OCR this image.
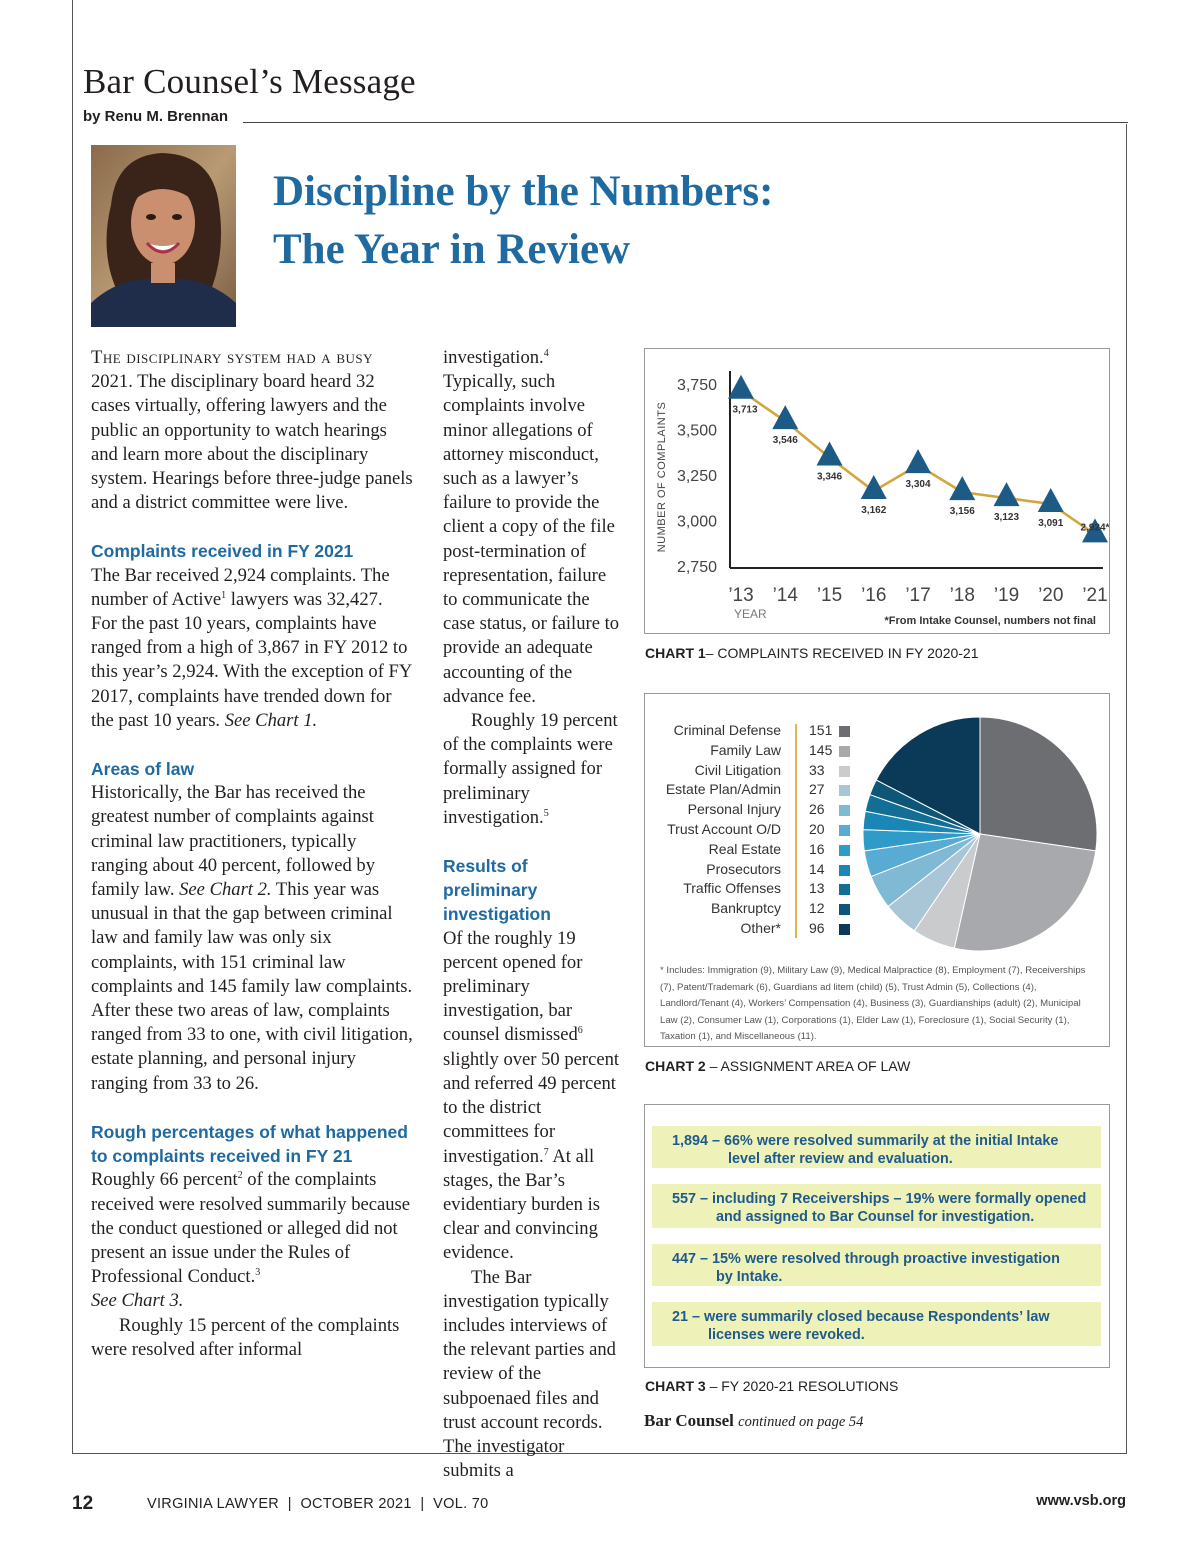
Bar Counsel’s Message
by Renu M. Brennan
Discipline by the Numbers:
The Year in Review

The disciplinary system had a busy 2021. The disciplinary board heard 32 cases virtually, offering lawyers and the public an opportunity to watch hearings and learn more about the disciplinary system. Hearings before three-judge panels and a district committee were live.

Complaints received in FY 2021

The Bar received 2,924 complaints. The number of Active$^1$ lawyers was 32,427. For the past 10 years, complaints have ranged from a high of 3,867 in FY 2012 to this year’s 2,924. With the exception of FY 2017, complaints have trended down for the past 10 years. See Chart 1.

Areas of law

Historically, the Bar has received the greatest number of complaints against criminal law practitioners, typically ranging about 40 percent, followed by family law. See Chart 2. This year was unusual in that the gap between criminal law and family law was only six complaints, with 151 criminal law complaints and 145 family law complaints. After these two areas of law, complaints ranged from 33 to one, with civil litigation, estate planning, and personal injury ranging from 33 to 26.

Rough percentages of what happened to complaints received in FY 21

Roughly 66 percent$^2$ of the complaints received were resolved summarily because the conduct questioned or alleged did not present an issue under the Rules of Professional Conduct.$^3$
See Chart 3.

Roughly 15 percent of the complaints were resolved after informal

investigation.$^4$ Typically, such complaints involve minor allegations of attorney misconduct, such as a lawyer’s failure to provide the client a copy of the file post-termination of representation, failure to communicate the case status, or failure to provide an adequate accounting of the advance fee.

Roughly 19 percent of the complaints were formally assigned for preliminary investigation.$^5$

Results of preliminary investigation

Of the roughly 19 percent opened for preliminary investigation, bar counsel dismissed$^6$ slightly over 50 percent and referred 49 percent to the district committees for investigation.$^7$ At all stages, the Bar’s evidentiary burden is clear and convincing evidence.

The Bar investigation typically includes interviews of the relevant parties and review of the subpoenaed files and trust account records. The investigator submits a

NUMBER OF COMPLAINTS
2,750
3,000
3,250
3,500
3,750
’13 ’14 ’15 ’16 ’17 ’18 ’19 ’20 ’21
YEAR	*From Intake Counsel, numbers not final
3,713
3,546
3,346
3,162
3,304
3,156
3,123
3,091 2,924*
CHART 1– COMPLAINTS RECEIVED IN FY 2020-21
Criminal Defense 151
Family Law 145
Civil Litigation 33
Estate Plan/Admin 27
Personal Injury 26
Trust Account O/D 20
Real Estate 16
Prosecutors 14
Traffic Offenses 13
Bankruptcy 12
Other* 96
* Includes: Immigration (9), Military Law (9), Medical Malpractice (8), Employment (7), Receiverships (7), Patent/Trademark (6), Guardians ad litem (child) (5), Trust Admin (5), Collections (4), Landlord/Tenant (4), Workers’ Compensation (4), Business (3), Guardianships (adult) (2), Municipal Law (2), Consumer Law (1), Corporations (1), Elder Law (1), Foreclosure (1), Social Security (1), Taxation (1), and Miscellaneous (11).
CHART 2 – ASSIGNMENT AREA OF LAW
1,894 – 66% were resolved summarily at the initial Intake
level after review and evaluation.
557 – including 7 Receiverships – 19% were formally opened
and assigned to Bar Counsel for investigation.
447 – 15% were resolved through proactive investigation
by Intake.
21 – were summarily closed because Respondents’ law
licenses were revoked.
CHART 3 – FY 2020-21 RESOLUTIONS
Bar Counsel continued on page 54
12	VIRGINIA LAWYER  |  OCTOBER 2021  |  VOL. 70	www.vsb.org
